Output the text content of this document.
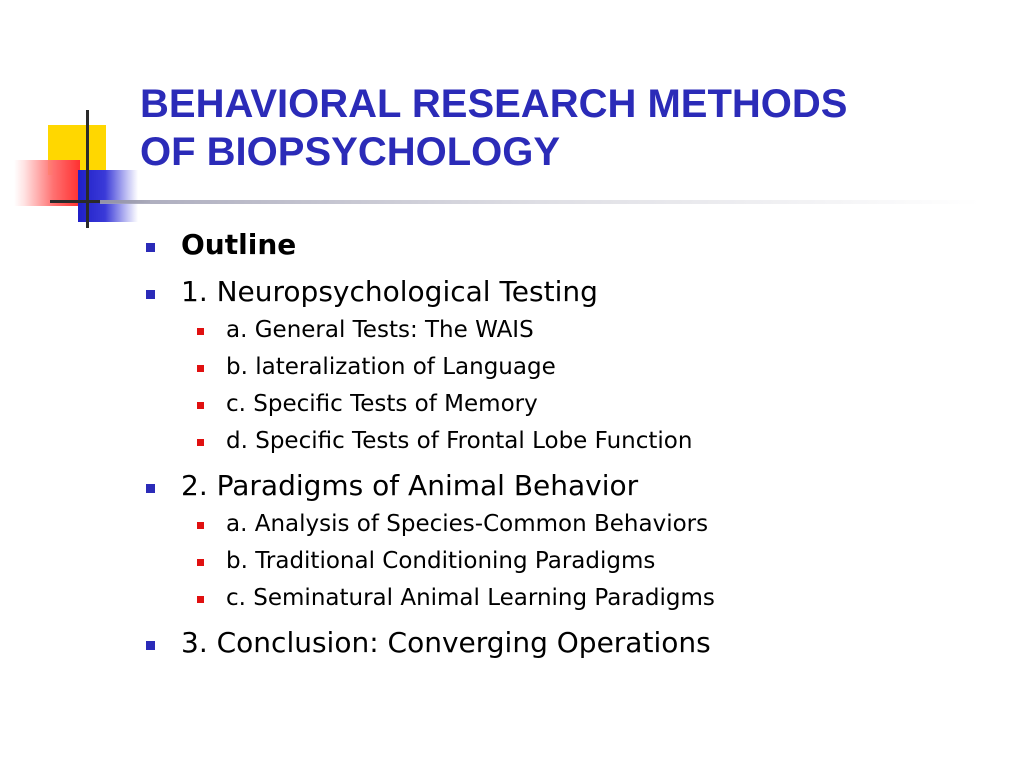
BEHAVIORAL RESEARCH METHODS
OF BIOPSYCHOLOGY
Outline
1. Neuropsychological Testing
a. General Tests: The WAIS
b. lateralization of Language
c. Specific Tests of Memory
d. Specific Tests of Frontal Lobe Function
2. Paradigms of Animal Behavior
a. Analysis of Species-Common Behaviors
b. Traditional Conditioning Paradigms
c. Seminatural Animal Learning Paradigms
3. Conclusion: Converging Operations
